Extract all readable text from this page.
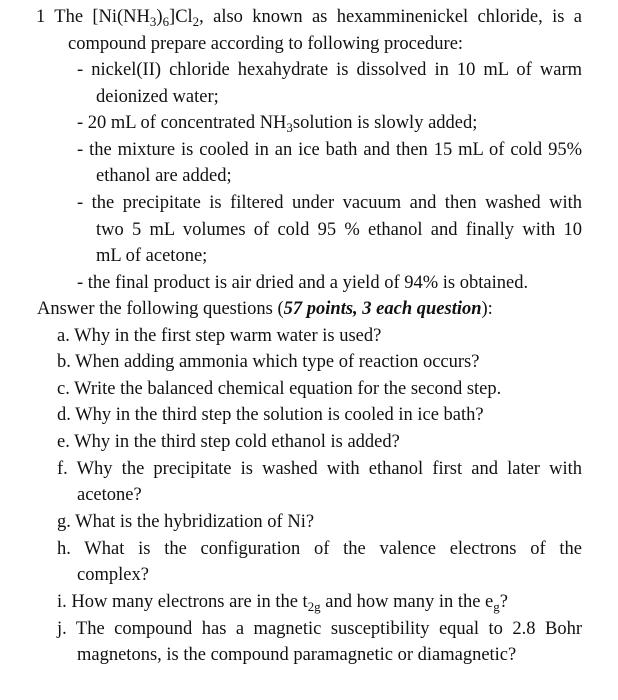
1 The $[Ni(NH_3)_6]Cl_2$, also known as hexamminenickel chloride, is a
compound prepare according to following procedure:
- nickel(II) chloride hexahydrate is dissolved in 10 mL of warm
deionized water;
- 20 mL of concentrated $NH_3solution$ is slowly added;
- the mixture is cooled in an ice bath and then 15 mL of cold 95%
ethanol are added;
- the precipitate is filtered under vacuum and then washed with
two 5 mL volumes of cold 95 % ethanol and finally with 10
mL of acetone;
- the final product is air dried and a yield of 94% is obtained.
Answer the following questions (57 points, 3 each question):
a. Why in the first step warm water is used?
b. When adding ammonia which type of reaction occurs?
c. Write the balanced chemical equation for the second step.
d. Why in the third step the solution is cooled in ice bath?
e. Why in the third step cold ethanol is added?
f. Why the precipitate is washed with ethanol first and later with
acetone?
g. What is the hybridization of Ni?
h. What is the configuration of the valence electrons of the
complex?
i. How many electrons are in the $t_{2g}$ and how many in the $e_g$?
j. The compound has a magnetic susceptibility equal to 2.8 Bohr
magnetons, is the compound paramagnetic or diamagnetic?
